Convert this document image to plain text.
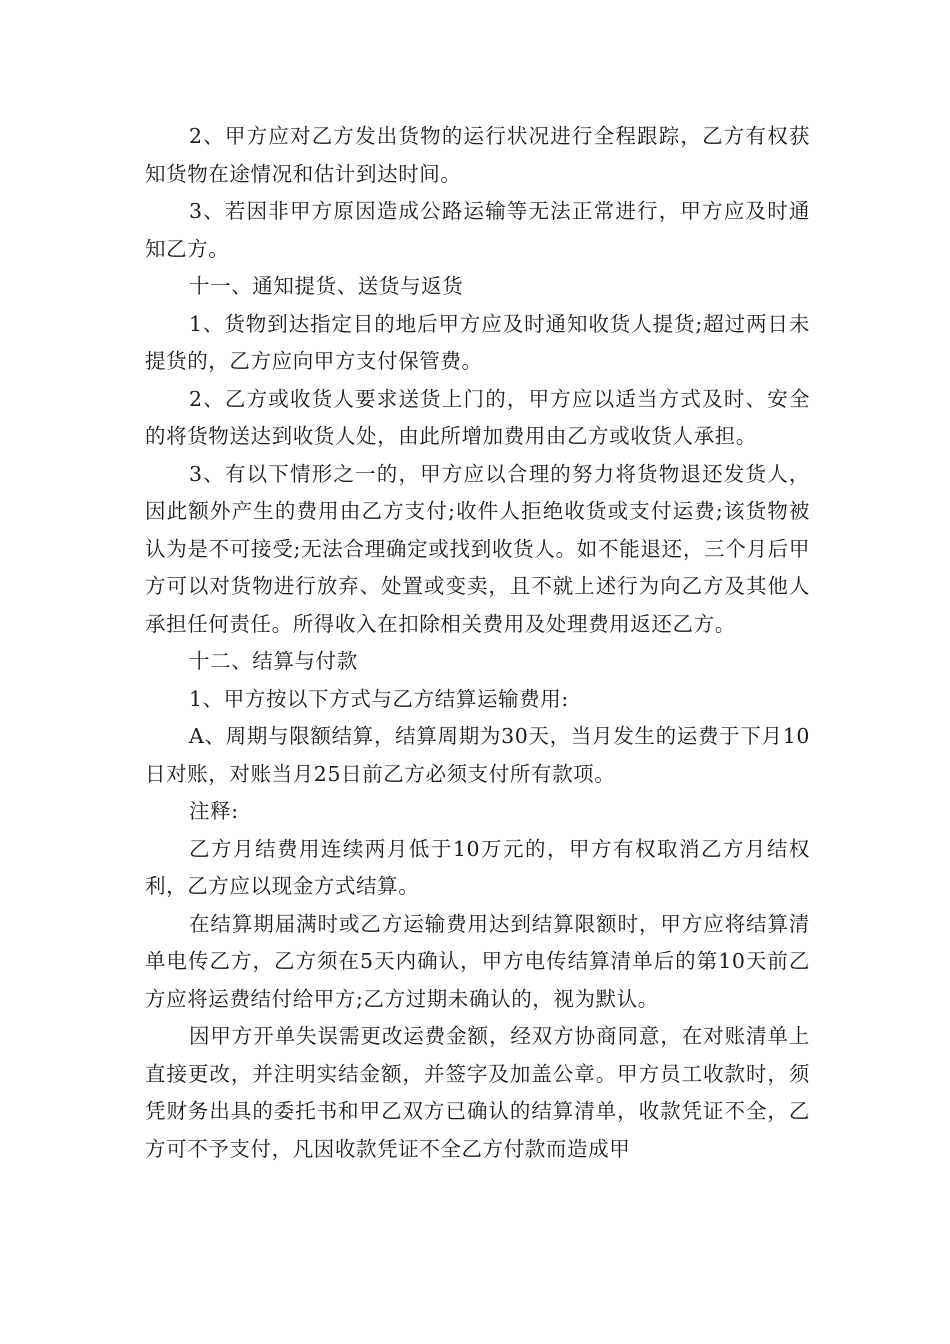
2、甲方应对乙方发出货物的运行状况进行全程跟踪，乙方有权获知货物在途情况和估计到达时间。

3、若因非甲方原因造成公路运输等无法正常进行，甲方应及时通知乙方。

十一、通知提货、送货与返货

1、货物到达指定目的地后甲方应及时通知收货人提货;超过两日未提货的，乙方应向甲方支付保管费。

2、乙方或收货人要求送货上门的，甲方应以适当方式及时、安全的将货物送达到收货人处，由此所增加费用由乙方或收货人承担。

3、有以下情形之一的，甲方应以合理的努力将货物退还发货人，因此额外产生的费用由乙方支付;收件人拒绝收货或支付运费;该货物被认为是不可接受;无法合理确定或找到收货人。如不能退还，三个月后甲方可以对货物进行放弃、处置或变卖，且不就上述行为向乙方及其他人承担任何责任。所得收入在扣除相关费用及处理费用返还乙方。

十二、结算与付款

1、甲方按以下方式与乙方结算运输费用:

A、周期与限额结算，结算周期为30天，当月发生的运费于下月10日对账，对账当月25日前乙方必须支付所有款项。

注释:

乙方月结费用连续两月低于10万元的，甲方有权取消乙方月结权利，乙方应以现金方式结算。

在结算期届满时或乙方运输费用达到结算限额时，甲方应将结算清单电传乙方，乙方须在5天内确认，甲方电传结算清单后的第10天前乙方应将运费结付给甲方;乙方过期未确认的，视为默认。

因甲方开单失误需更改运费金额，经双方协商同意，在对账清单上直接更改，并注明实结金额，并签字及加盖公章。甲方员工收款时，须凭财务出具的委托书和甲乙双方已确认的结算清单，收款凭证不全，乙方可不予支付，凡因收款凭证不全乙方付款而造成甲
